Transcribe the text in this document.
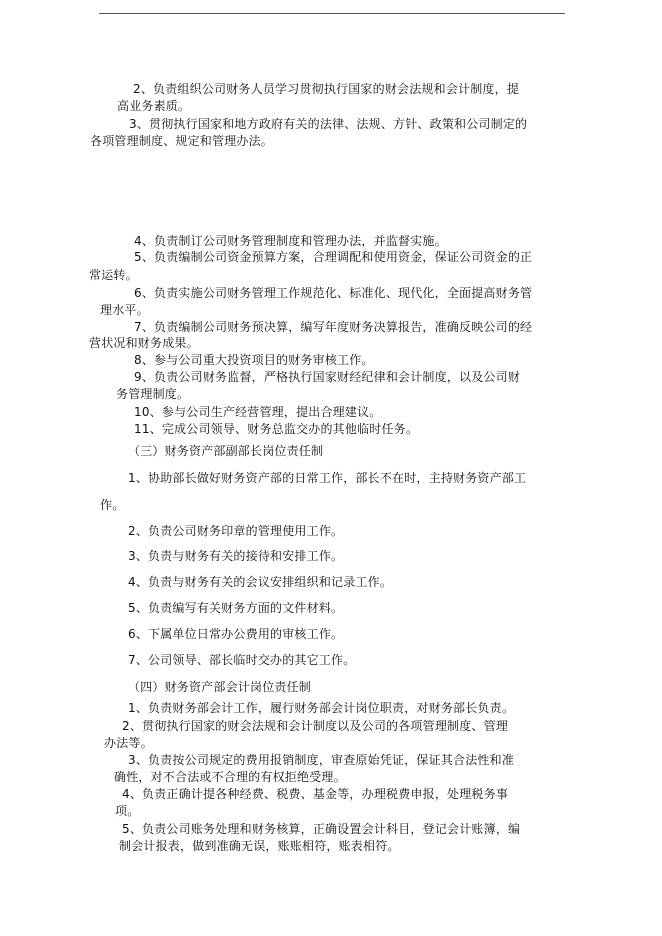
2、负责组织公司财务人员学习贯彻执行国家的财会法规和会计制度，提

高业务素质。

3、贯彻执行国家和地方政府有关的法律、法规、方针、政策和公司制定的

各项管理制度、规定和管理办法。

4、负责制订公司财务管理制度和管理办法，并监督实施。

5、负责编制公司资金预算方案，合理调配和使用资金，保证公司资金的正

常运转。

6、负责实施公司财务管理工作规范化、标准化、现代化，全面提高财务管

理水平。

7、负责编制公司财务预决算，编写年度财务决算报告，准确反映公司的经

营状况和财务成果。

8、参与公司重大投资项目的财务审核工作。

9、负责公司财务监督，严格执行国家财经纪律和会计制度，以及公司财

务管理制度。

10、参与公司生产经营管理，提出合理建议。

11、完成公司领导、财务总监交办的其他临时任务。

（三）财务资产部副部长岗位责任制

1、协助部长做好财务资产部的日常工作，部长不在时，主持财务资产部工

作。

2、负责公司财务印章的管理使用工作。

3、负责与财务有关的接待和安排工作。

4、负责与财务有关的会议安排组织和记录工作。

5、负责编写有关财务方面的文件材料。

6、下属单位日常办公费用的审核工作。

7、公司领导、部长临时交办的其它工作。

（四）财务资产部会计岗位责任制

1、负责财务部会计工作，履行财务部会计岗位职责，对财务部长负责。

2、贯彻执行国家的财会法规和会计制度以及公司的各项管理制度、管理

办法等。

3、负责按公司规定的费用报销制度，审查原始凭证，保证其合法性和准

确性，对不合法或不合理的有权拒绝受理。

4、负责正确计提各种经费、税费、基金等，办理税费申报，处理税务事

项。

5、负责公司账务处理和财务核算，正确设置会计科目，登记会计账簿，编

制会计报表，做到准确无误，账账相符，账表相符。
